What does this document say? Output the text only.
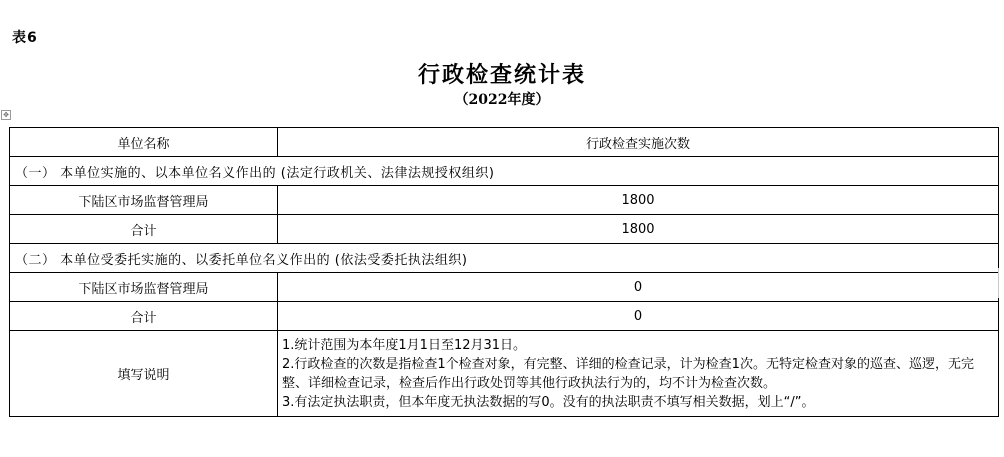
表6
行政检查统计表
（2022年度）
✥
单位名称	行政检查实施次数
（一） 本单位实施的、以本单位名义作出的 (法定行政机关、法律法规授权组织)	
下陆区市场监督管理局	1800
合计	1800
（二） 本单位受委托实施的、以委托单位名义作出的 (依法受委托执法组织)	
下陆区市场监督管理局	0
合计	0
填写说明	1.统计范围为本年度1月1日至12月31日。
2.行政检查的次数是指检查1个检查对象，有完整、详细的检查记录，计为检查1次。无特定检查对象的巡查、巡逻，无完整、详细检查记录，检查后作出行政处罚等其他行政执法行为的，均不计为检查次数。
3.有法定执法职责，但本年度无执法数据的写0。没有的执法职责不填写相关数据，划上“/”。
